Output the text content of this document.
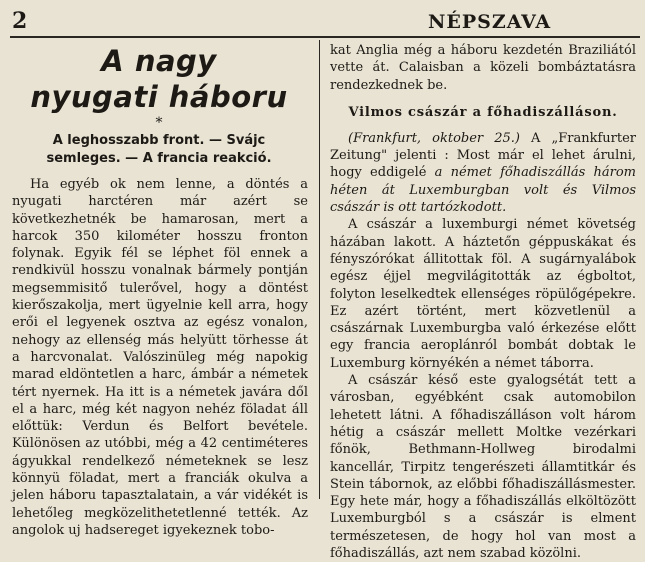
2	NÉPSZAVA
A nagy
nyugati háboru
*
A leghosszabb front. — Svájc semleges. — A francia reakció.

Ha egyéb ok nem lenne, a döntés a nyugati harctéren már azért se következhetnék be hamarosan, mert a harcok 350 kilométer hosszu fronton folynak. Egyik fél se léphet föl ennek a rendkivül hosszu vonalnak bármely pontján megsemmisitő tulerővel, hogy a döntést kierőszakolja, mert ügyelnie kell arra, hogy erői el legyenek osztva az egész vonalon, nehogy az ellenség más helyütt törhesse át a harcvonalat. Valószinüleg még napokig marad eldöntetlen a harc, ámbár a németek tért nyernek. Ha itt is a németek javára dől el a harc, még két nagyon nehéz föladat áll előttük: Verdun és Belfort bevétele. Különösen az utóbbi, még a 42 centiméteres ágyukkal rendelkező németeknek se lesz könnyü föladat, mert a franciák okulva a jelen háboru tapasztalatain, a vár vidékét is lehetőleg megközelithetetlenné tették. Az angolok uj hadsereget igyekeznek tobo-

kat Anglia még a háboru kezdetén Braziliától vette át. Calaisban a közeli bombáztatásra rendezkednek be.

Vilmos császár a főhadiszálláson.

(Frankfurt, oktober 25.) A „Frankfurter Zeitung" jelenti : Most már el lehet árulni, hogy eddigelé a német főhadiszállás három héten át Luxemburgban volt és Vilmos császár is ott tartózkodott.

A császár a luxemburgi német követség házában lakott. A háztetőn géppuskákat és fényszórókat állitottak föl. A sugárnyalábok egész éjjel megvilágitották az égboltot, folyton leselkedtek ellenséges röpülőgépekre. Ez azért történt, mert közvetlenül a császárnak Luxemburgba való érkezése előtt egy francia aeroplánról bombát dobtak le Luxemburg környékén a német táborra.

A császár késő este gyalogsétát tett a városban, egyébként csak automobilon lehetett látni. A főhadiszálláson volt három hétig a császár mellett Moltke vezérkari főnök, Bethmann-Hollweg birodalmi kancellár, Tirpitz tengerészeti államtitkár és Stein tábornok, az előbbi főhadiszállásmester. Egy hete már, hogy a főhadiszállás elköltözött Luxemburgból s a császár is elment természetesen, de hogy hol van most a főhadiszállás, azt nem szabad közölni.
